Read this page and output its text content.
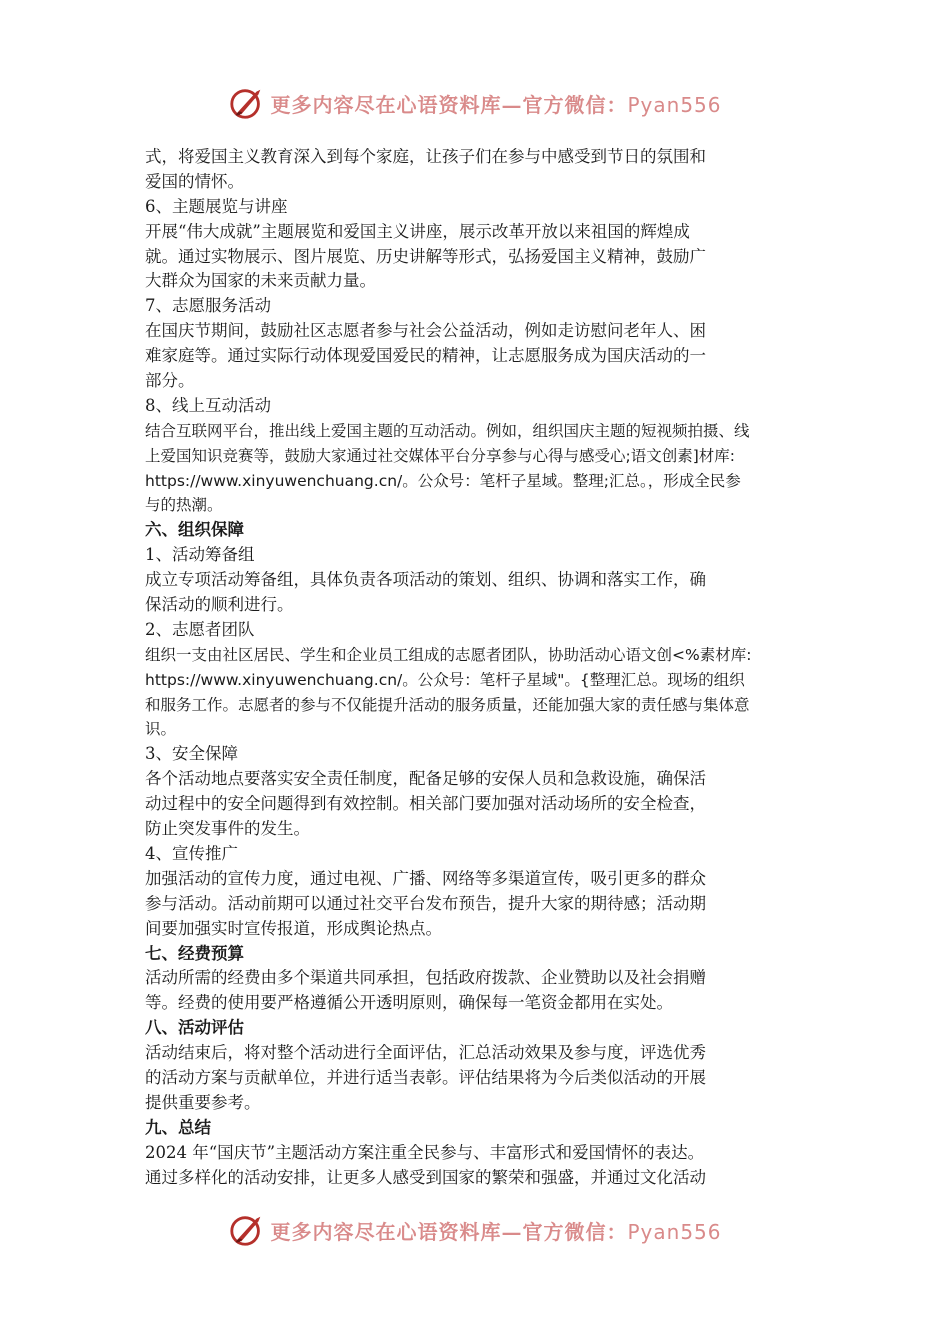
更多内容尽在心语资料库—官方微信：Pyan556
式，将爱国主义教育深入到每个家庭，让孩子们在参与中感受到节日的氛围和
爱国的情怀。
6、主题展览与讲座
开展“伟大成就”主题展览和爱国主义讲座，展示改革开放以来祖国的辉煌成
就。通过实物展示、图片展览、历史讲解等形式，弘扬爱国主义精神，鼓励广
大群众为国家的未来贡献力量。
7、志愿服务活动
在国庆节期间，鼓励社区志愿者参与社会公益活动，例如走访慰问老年人、困
难家庭等。通过实际行动体现爱国爱民的精神，让志愿服务成为国庆活动的一
部分。
8、线上互动活动
结合互联网平台，推出线上爱国主题的互动活动。例如，组织国庆主题的短视频拍摄、线
上爱国知识竞赛等，鼓励大家通过社交媒体平台分享参与心得与感受心;语文创素]材库:
https://www.xinyuwenchuang.cn/。公众号：笔杆子星域。整理;汇总。，形成全民参
与的热潮。
六、组织保障
1、活动筹备组
成立专项活动筹备组，具体负责各项活动的策划、组织、协调和落实工作，确
保活动的顺利进行。
2、志愿者团队
组织一支由社区居民、学生和企业员工组成的志愿者团队，协助活动心语文创<%素材库:
https://www.xinyuwenchuang.cn/。公众号：笔杆子星域"。{整理汇总。现场的组织
和服务工作。志愿者的参与不仅能提升活动的服务质量，还能加强大家的责任感与集体意
识。
3、安全保障
各个活动地点要落实安全责任制度，配备足够的安保人员和急救设施，确保活
动过程中的安全问题得到有效控制。相关部门要加强对活动场所的安全检查，
防止突发事件的发生。
4、宣传推广
加强活动的宣传力度，通过电视、广播、网络等多渠道宣传，吸引更多的群众
参与活动。活动前期可以通过社交平台发布预告，提升大家的期待感；活动期
间要加强实时宣传报道，形成舆论热点。
七、经费预算
活动所需的经费由多个渠道共同承担，包括政府拨款、企业赞助以及社会捐赠
等。经费的使用要严格遵循公开透明原则，确保每一笔资金都用在实处。
八、活动评估
活动结束后，将对整个活动进行全面评估，汇总活动效果及参与度，评选优秀
的活动方案与贡献单位，并进行适当表彰。评估结果将为今后类似活动的开展
提供重要参考。
九、总结
2024 年“国庆节”主题活动方案注重全民参与、丰富形式和爱国情怀的表达。
通过多样化的活动安排，让更多人感受到国家的繁荣和强盛，并通过文化活动
更多内容尽在心语资料库—官方微信：Pyan556
